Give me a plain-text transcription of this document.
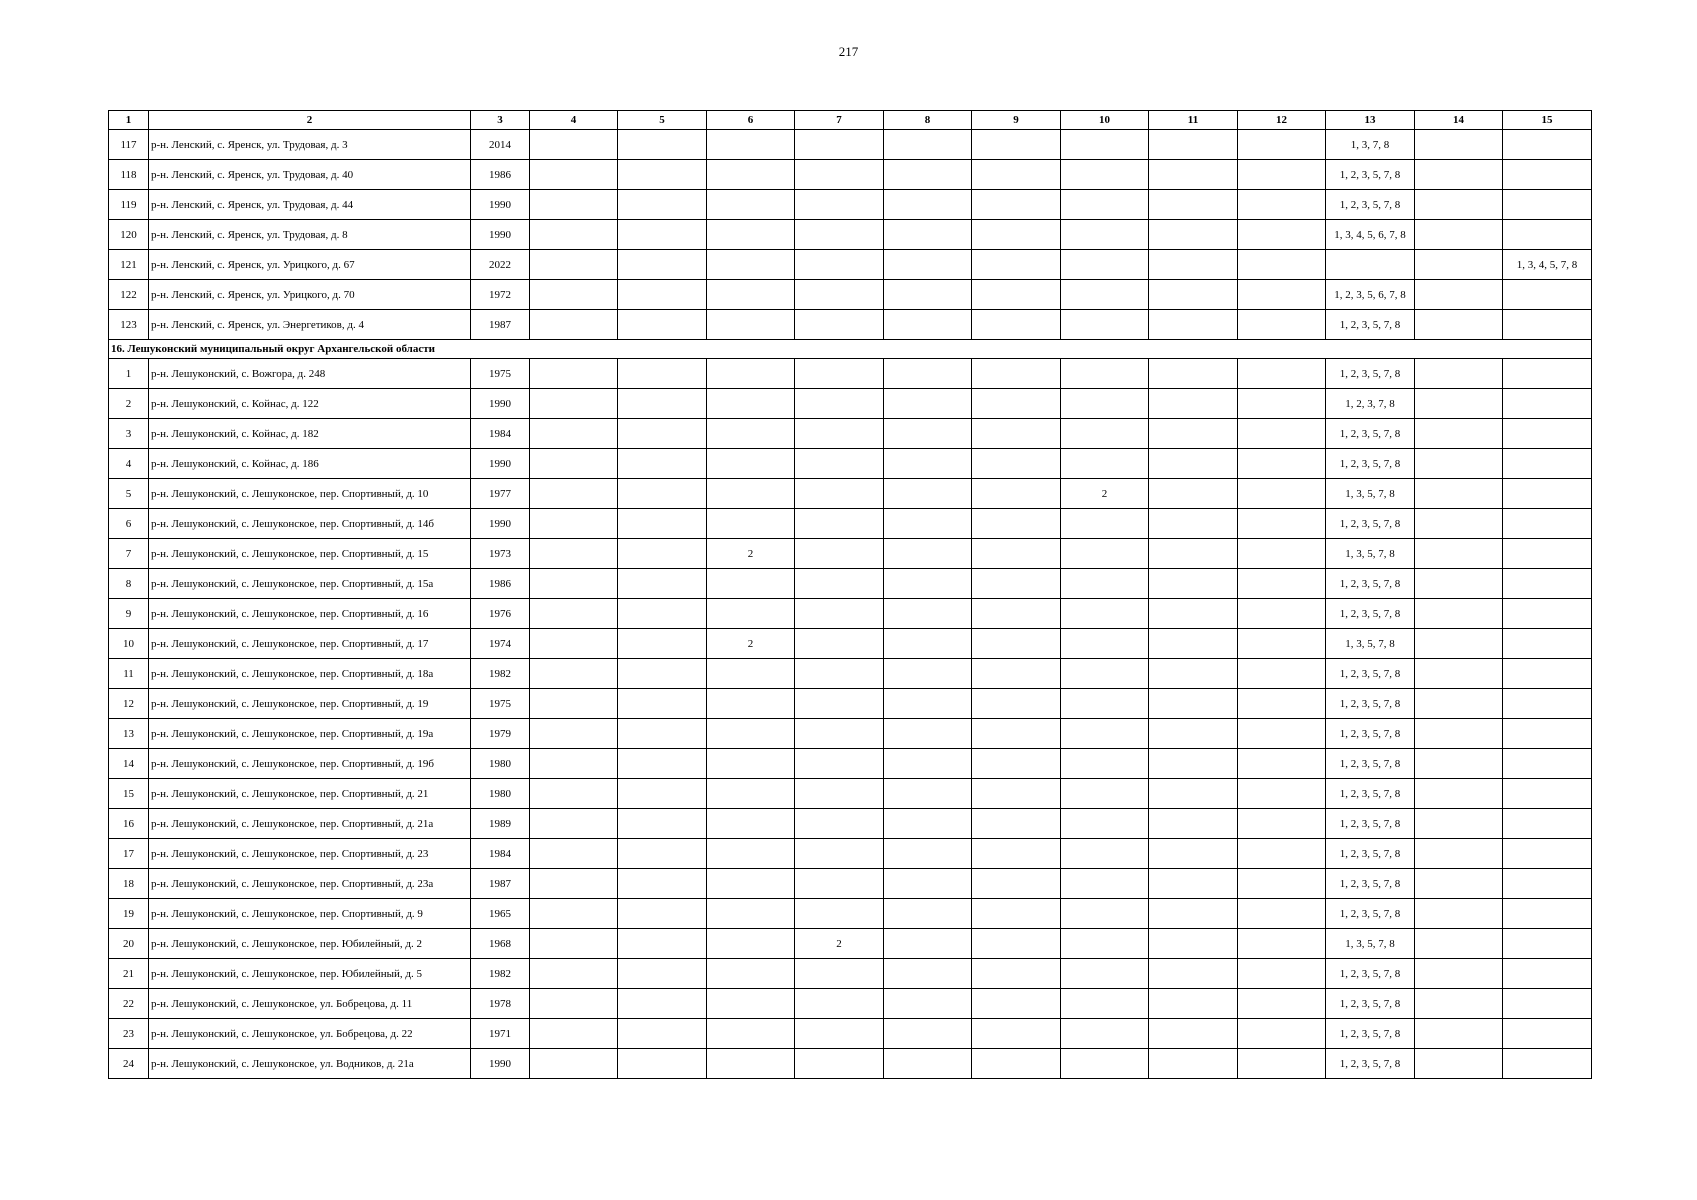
217
1	2	3	4	5	6	7	8	9	10	11	12	13	14	15
117	р-н. Ленский, с. Яренск, ул. Трудовая, д. 3	2014										1, 3, 7, 8		
118	р-н. Ленский, с. Яренск, ул. Трудовая, д. 40	1986										1, 2, 3, 5, 7, 8		
119	р-н. Ленский, с. Яренск, ул. Трудовая, д. 44	1990										1, 2, 3, 5, 7, 8		
120	р-н. Ленский, с. Яренск, ул. Трудовая, д. 8	1990										1, 3, 4, 5, 6, 7, 8		
121	р-н. Ленский, с. Яренск, ул. Урицкого, д. 67	2022												1, 3, 4, 5, 7, 8
122	р-н. Ленский, с. Яренск, ул. Урицкого, д. 70	1972										1, 2, 3, 5, 6, 7, 8		
123	р-н. Ленский, с. Яренск, ул. Энергетиков, д. 4	1987										1, 2, 3, 5, 7, 8		
16. Лешуконский муниципальный округ Архангельской области														
1	р-н. Лешуконский, с. Вожгора, д. 248	1975										1, 2, 3, 5, 7, 8		
2	р-н. Лешуконский, с. Койнас, д. 122	1990										1, 2, 3, 7, 8		
3	р-н. Лешуконский, с. Койнас, д. 182	1984										1, 2, 3, 5, 7, 8		
4	р-н. Лешуконский, с. Койнас, д. 186	1990										1, 2, 3, 5, 7, 8		
5	р-н. Лешуконский, с. Лешуконское, пер. Спортивный, д. 10	1977							2			1, 3, 5, 7, 8		
6	р-н. Лешуконский, с. Лешуконское, пер. Спортивный, д. 14б	1990										1, 2, 3, 5, 7, 8		
7	р-н. Лешуконский, с. Лешуконское, пер. Спортивный, д. 15	1973			2							1, 3, 5, 7, 8		
8	р-н. Лешуконский, с. Лешуконское, пер. Спортивный, д. 15а	1986										1, 2, 3, 5, 7, 8		
9	р-н. Лешуконский, с. Лешуконское, пер. Спортивный, д. 16	1976										1, 2, 3, 5, 7, 8		
10	р-н. Лешуконский, с. Лешуконское, пер. Спортивный, д. 17	1974			2							1, 3, 5, 7, 8		
11	р-н. Лешуконский, с. Лешуконское, пер. Спортивный, д. 18а	1982										1, 2, 3, 5, 7, 8		
12	р-н. Лешуконский, с. Лешуконское, пер. Спортивный, д. 19	1975										1, 2, 3, 5, 7, 8		
13	р-н. Лешуконский, с. Лешуконское, пер. Спортивный, д. 19а	1979										1, 2, 3, 5, 7, 8		
14	р-н. Лешуконский, с. Лешуконское, пер. Спортивный, д. 19б	1980										1, 2, 3, 5, 7, 8		
15	р-н. Лешуконский, с. Лешуконское, пер. Спортивный, д. 21	1980										1, 2, 3, 5, 7, 8		
16	р-н. Лешуконский, с. Лешуконское, пер. Спортивный, д. 21а	1989										1, 2, 3, 5, 7, 8		
17	р-н. Лешуконский, с. Лешуконское, пер. Спортивный, д. 23	1984										1, 2, 3, 5, 7, 8		
18	р-н. Лешуконский, с. Лешуконское, пер. Спортивный, д. 23а	1987										1, 2, 3, 5, 7, 8		
19	р-н. Лешуконский, с. Лешуконское, пер. Спортивный, д. 9	1965										1, 2, 3, 5, 7, 8		
20	р-н. Лешуконский, с. Лешуконское, пер. Юбилейный, д. 2	1968				2						1, 3, 5, 7, 8		
21	р-н. Лешуконский, с. Лешуконское, пер. Юбилейный, д. 5	1982										1, 2, 3, 5, 7, 8		
22	р-н. Лешуконский, с. Лешуконское, ул. Бобрецова, д. 11	1978										1, 2, 3, 5, 7, 8		
23	р-н. Лешуконский, с. Лешуконское, ул. Бобрецова, д. 22	1971										1, 2, 3, 5, 7, 8		
24	р-н. Лешуконский, с. Лешуконское, ул. Водников, д. 21а	1990										1, 2, 3, 5, 7, 8		
